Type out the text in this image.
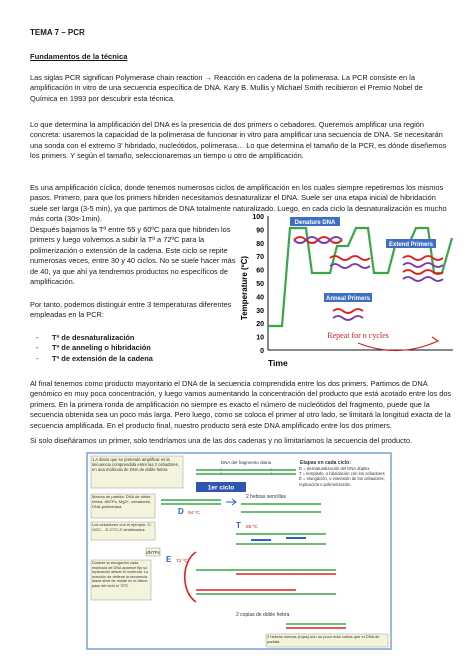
TEMA 7 – PCR

Fundamentos de la técnica

Las siglas PCR significan Polymerase chain reaction → Reacción en cadena de la polimerasa. La PCR consiste en la amplificación in vitro de una secuencia específica de DNA. Kary B. Mullis y Michael Smith recibieron el Premio Nobel de Química en 1993 por descubrir esta técnica.

Lo que determina la amplificación del DNA es la presencia de dos primers o cebadores. Queremos amplificar una región concreta: usaremos la capacidad de la polimerasa de funcionar in vitro para amplificar una secuencia de DNA. Se necesitarán una sonda con el extremo 3' hibridado, nucleótidos, polimerasa… Lo que determina el tamaño de la PCR, es dónde diseñemos los primers. Y según el tamaño, seleccionaremos un tiempo u otro de amplificación.

Es una amplificación cíclica, donde tenemos numerosos ciclos de amplificación en los cuales siempre repetiremos los mismos pasos. Primero, para que los primers hibriden necesitamos desnaturalizar el DNA. Suele ser una etapa inicial de hibridación suele ser larga (3-5 min), ya que partimos de DNA totalmente naturalizado. Luego, en cada ciclo la desnaturalización es mucho más corta (30s-1min).

Después bajamos la Tª entre 55 y 60ºC para que hibriden los primers y luego volvemos a subir la Tª a 72ºC para la polimerización o extensión de la cadena. Este ciclo se repite numerosas veces, entre 30 y 40 ciclos. No se suele hacer más de 40, ya que ahí ya tendremos productos no específicos de amplificación.

Por tanto, podemos distinguir entre 3 temperaturas diferentes empleadas en la PCR:

- Tª de desnaturalización
- Tª de anneling o hibridación
- Tª de extensión de la cadena

Al final tenemos como producto mayoritario el DNA de la secuencia comprendida entre los dos primers. Partimos de DNA genómico en muy poca concentración, y luego vamos aumentando la concentración del producto que está acotado entre los dos primers. En la primera ronda de amplificación no siempre es exacto el número de nucleótidos del fragmento, puede que la secuencia obtenida sea un poco más larga. Pero luego, como se coloca el primer al otro lado, se limitará la longitud exacta de la secuencia amplificada. En el producto final, nuestro producto será este DNA amplificado entre los dos primers.

Si solo diseñáramos un primer, solo tendríamos una de las dos cadenas y no limitaríamos la secuencia del producto.

100
90
80
70
60
50
40
30
20
10
0
Temperature (ºC)
Time
Denature DNA
Extend Primers
Anneal Primers
Repeat for n cycles
1 A diario que se pretende amplificar es la secuencia comprendida entre las 2 cebadores, en una molécula de DNA de doble hebra
DNA del fragmento diana	Etapas en cada ciclo:
D = desnaturalización del DNA dúplex
T = templado, o hibridación con los cebadores
E = elongación, o extensión de los cebadores, replicación o polimerización
1er ciclo
Mezcla de partida: DNA de doble hebra, dNTPs, Mg2+, cebadores, DNA-polimerasa
D 94 ºC
2 hebras sencillas
Los cebadores con el ejemplo: 3'-GGC... 5'-CTC-3' sintetizados	T 55 ºC
dNTPs
Durante la elongación cada molécula de DNA aparece fijo su replicación desde la molécula. La reacción se detiene la secuencia diana sirve de molde en el último paso del ciclo el 72ºC
E 72 ºC
2 copias de doble hebra
2 hebras nuevas (rojas) son un poco más cortas que el DNA de partida
